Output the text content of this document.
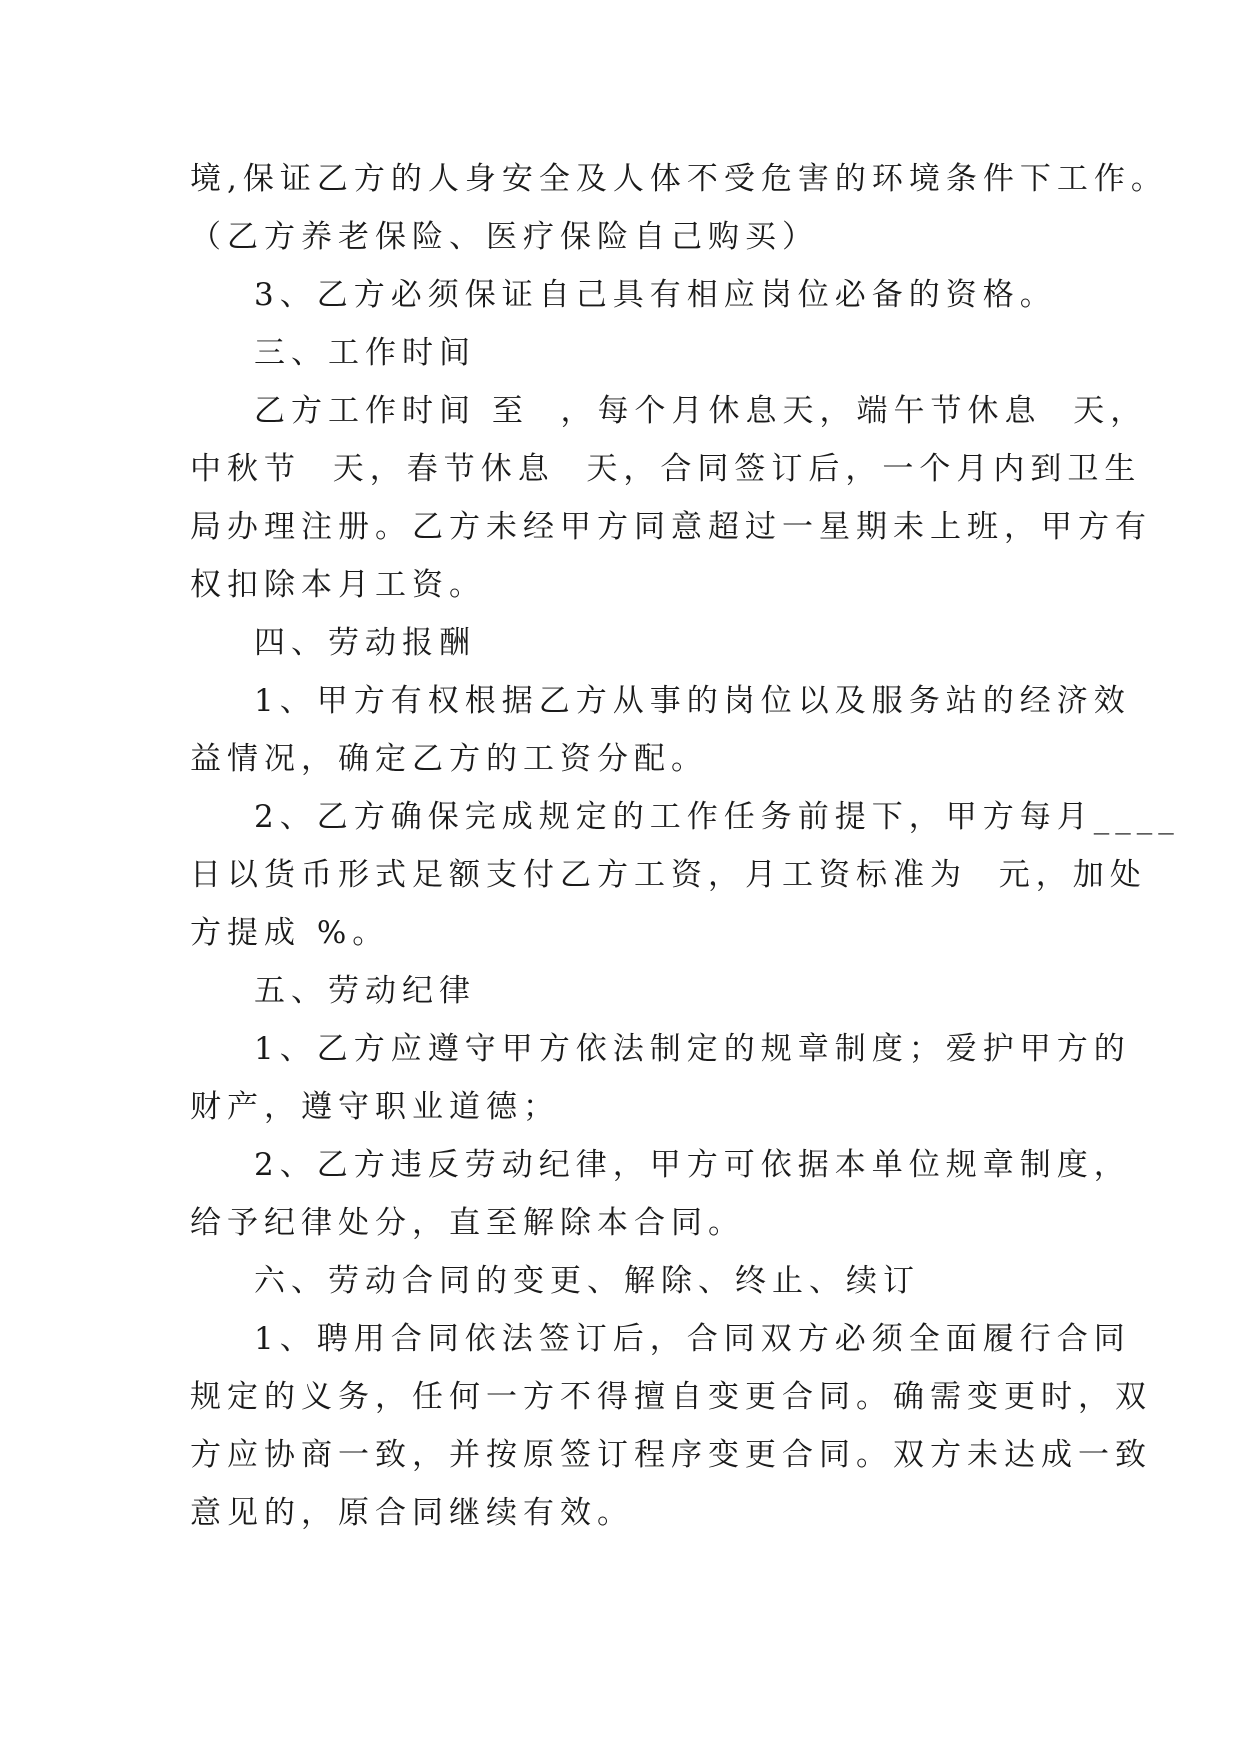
境,保证乙方的人身安全及人体不受危害的环境条件下工作。
（乙方养老保险、医疗保险自己购买）
3、乙方必须保证自己具有相应岗位必备的资格。
三、工作时间
乙方工作时间 至  ，每个月休息天，端午节休息  天，
中秋节  天，春节休息  天，合同签订后，一个月内到卫生
局办理注册。乙方未经甲方同意超过一星期未上班，甲方有
权扣除本月工资。
四、劳动报酬
1、甲方有权根据乙方从事的岗位以及服务站的经济效
益情况，确定乙方的工资分配。
2、乙方确保完成规定的工作任务前提下，甲方每月____
日以货币形式足额支付乙方工资，月工资标准为  元，加处
方提成 %。
五、劳动纪律
1、乙方应遵守甲方依法制定的规章制度；爱护甲方的
财产，遵守职业道德；
2、乙方违反劳动纪律，甲方可依据本单位规章制度，
给予纪律处分，直至解除本合同。
六、劳动合同的变更、解除、终止、续订
1、聘用合同依法签订后，合同双方必须全面履行合同
规定的义务，任何一方不得擅自变更合同。确需变更时，双
方应协商一致，并按原签订程序变更合同。双方未达成一致
意见的，原合同继续有效。
